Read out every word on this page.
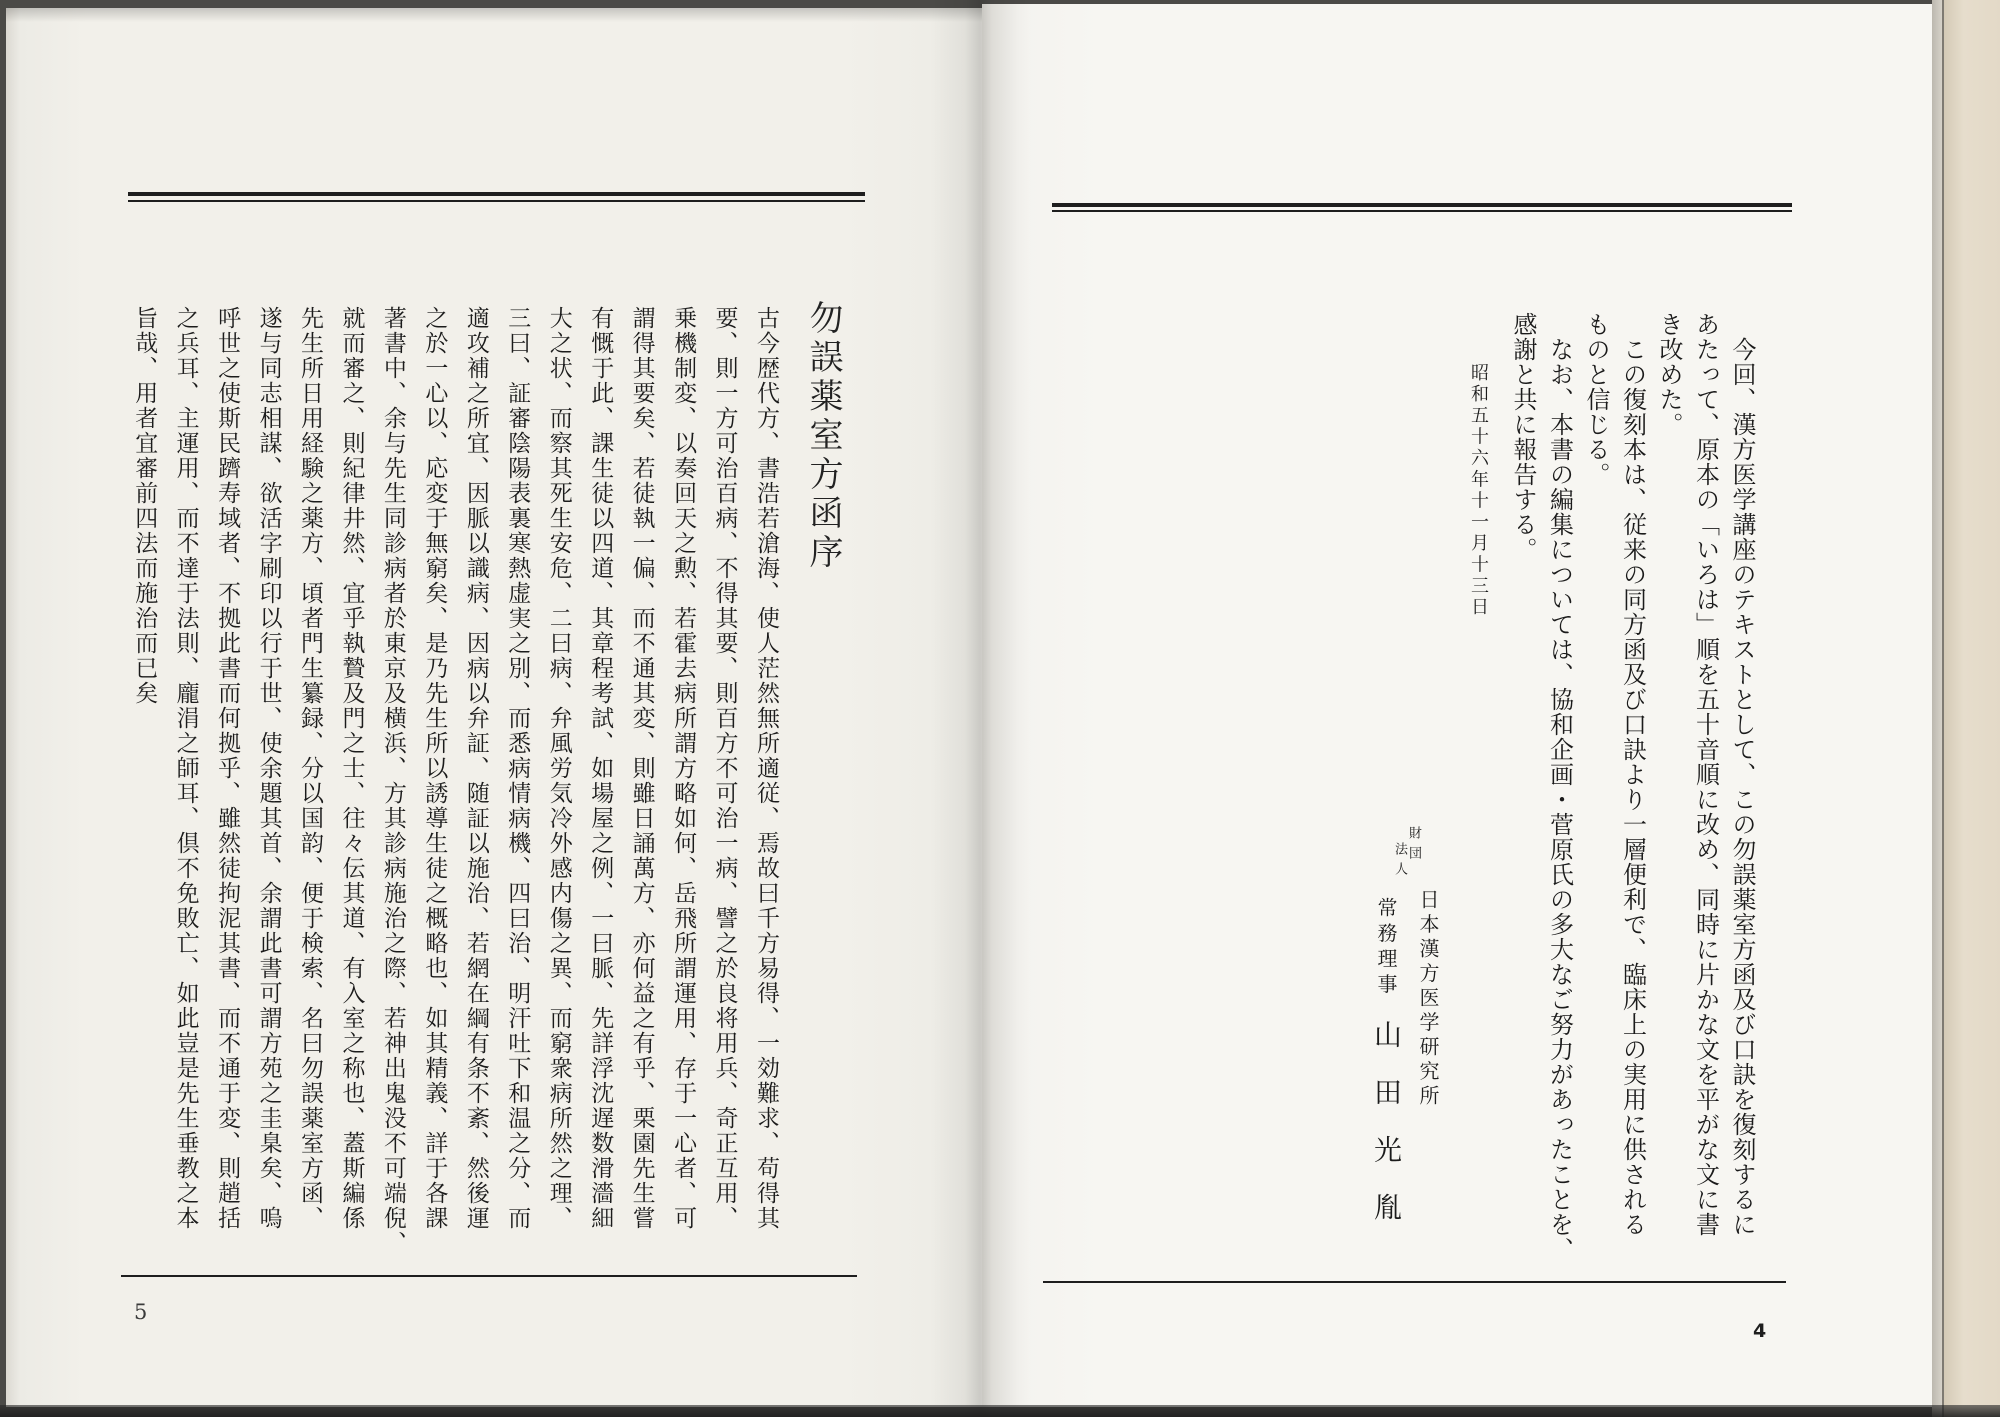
勿誤薬室方函序
古今歴代方、書浩若滄海、使人茫然無所適従、焉故曰千方易得、一効難求、苟得其
要、則一方可治百病、不得其要、則百方不可治一病、譬之於良将用兵、奇正互用、
乗機制変、以奏回天之勲、若霍去病所謂方略如何、岳飛所謂運用、存于一心者、可
謂得其要矣、若徒執一偏、而不通其変、則雖日誦萬方、亦何益之有乎、栗園先生嘗
有慨于此、課生徒以四道、其章程考試、如場屋之例、一曰脈、先詳浮沈遅数滑濇細
大之状、而察其死生安危、二曰病、弁風労気冷外感内傷之異、而窮衆病所然之理、
三曰、証審陰陽表裏寒熱虚実之別、而悉病情病機、四曰治、明汗吐下和温之分、而
適攻補之所宜、因脈以識病、因病以弁証、随証以施治、若網在綱有条不紊、然後運
之於一心以、応変于無窮矣、是乃先生所以誘導生徒之概略也、如其精義、詳于各課
著書中、余与先生同診病者於東京及横浜、方其診病施治之際、若神出鬼没不可端倪、
就而審之、則紀律井然、宜乎執贄及門之士、往々伝其道、有入室之称也、蓋斯編係
先生所日用経験之薬方、頃者門生纂録、分以国韵、便于検索、名曰勿誤薬室方函、
遂与同志相謀、欲活字刷印以行于世、使余題其首、余謂此書可謂方苑之圭臬矣、嗚
呼世之使斯民躋寿域者、不拠此書而何拠乎、雖然徒拘泥其書、而不通于変、則趙括
之兵耳、主運用、而不達于法則、龐涓之師耳、倶不免敗亡、如此豈是先生垂教之本
旨哉、用者宜審前四法而施治而已矣
5
今回、漢方医学講座のテキストとして、この勿誤薬室方函及び口訣を復刻するに
あたって、原本の「いろは」順を五十音順に改め、同時に片かな文を平がな文に書
き改めた。
この復刻本は、従来の同方函及び口訣より一層便利で、臨床上の実用に供される
ものと信じる。
なお、本書の編集については、協和企画・菅原氏の多大なご努力があったことを、
感謝と共に報告する。
昭和五十六年十一月十三日
財団
法人
日本漢方医学研究所
常務理事
山田光胤
4
